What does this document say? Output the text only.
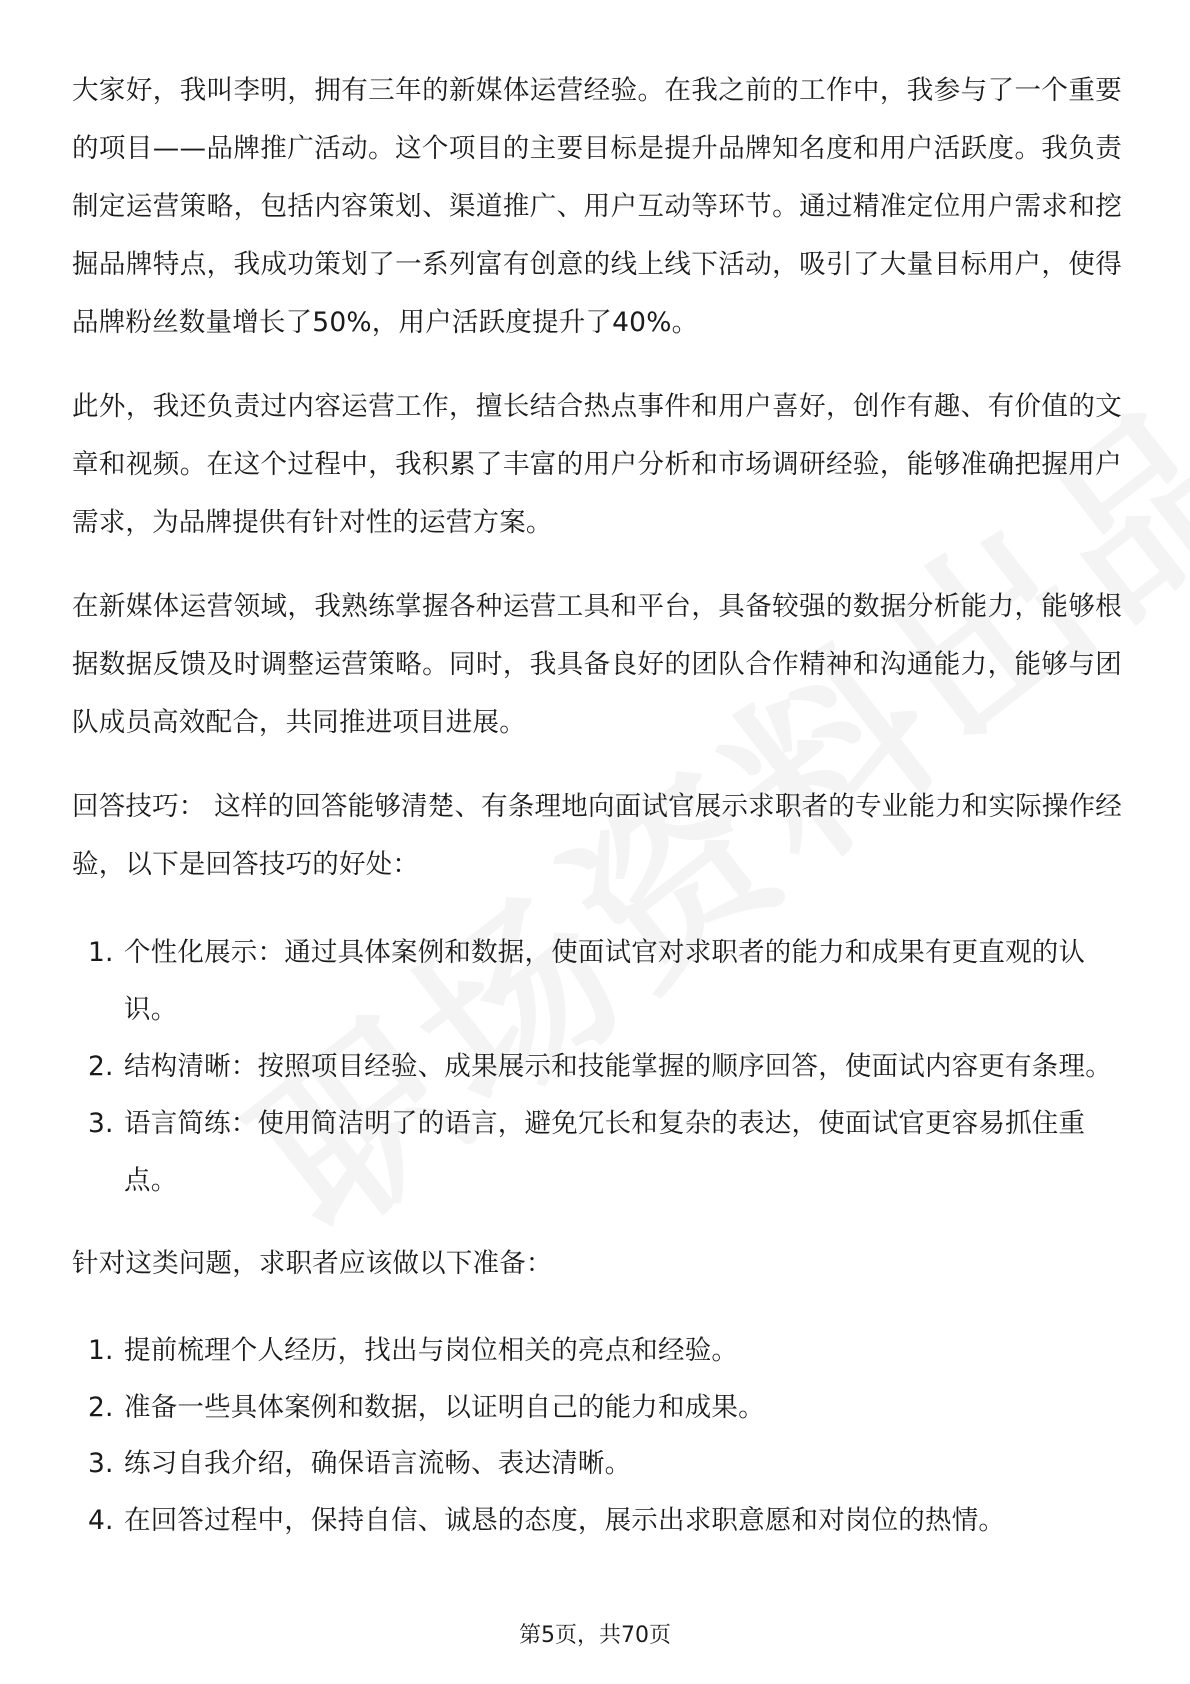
大家好，我叫李明，拥有三年的新媒体运营经验。在我之前的工作中，我参与了一个重要的项目——品牌推广活动。这个项目的主要目标是提升品牌知名度和用户活跃度。我负责制定运营策略，包括内容策划、渠道推广、用户互动等环节。通过精准定位用户需求和挖掘品牌特点，我成功策划了一系列富有创意的线上线下活动，吸引了大量目标用户，使得品牌粉丝数量增长了50%，用户活跃度提升了40%。

此外，我还负责过内容运营工作，擅长结合热点事件和用户喜好，创作有趣、有价值的文章和视频。在这个过程中，我积累了丰富的用户分析和市场调研经验，能够准确把握用户需求，为品牌提供有针对性的运营方案。

在新媒体运营领域，我熟练掌握各种运营工具和平台，具备较强的数据分析能力，能够根据数据反馈及时调整运营策略。同时，我具备良好的团队合作精神和沟通能力，能够与团队成员高效配合，共同推进项目进展。

回答技巧： 这样的回答能够清楚、有条理地向面试官展示求职者的专业能力和实际操作经验，以下是回答技巧的好处：

1. 个性化展示：通过具体案例和数据，使面试官对求职者的能力和成果有更直观的认识。
2. 结构清晰：按照项目经验、成果展示和技能掌握的顺序回答，使面试内容更有条理。
3. 语言简练：使用简洁明了的语言，避免冗长和复杂的表达，使面试官更容易抓住重点。

针对这类问题，求职者应该做以下准备：

1. 提前梳理个人经历，找出与岗位相关的亮点和经验。
2. 准备一些具体案例和数据，以证明自己的能力和成果。
3. 练习自我介绍，确保语言流畅、表达清晰。
4. 在回答过程中，保持自信、诚恳的态度，展示出求职意愿和对岗位的热情。
第5页，共70页
